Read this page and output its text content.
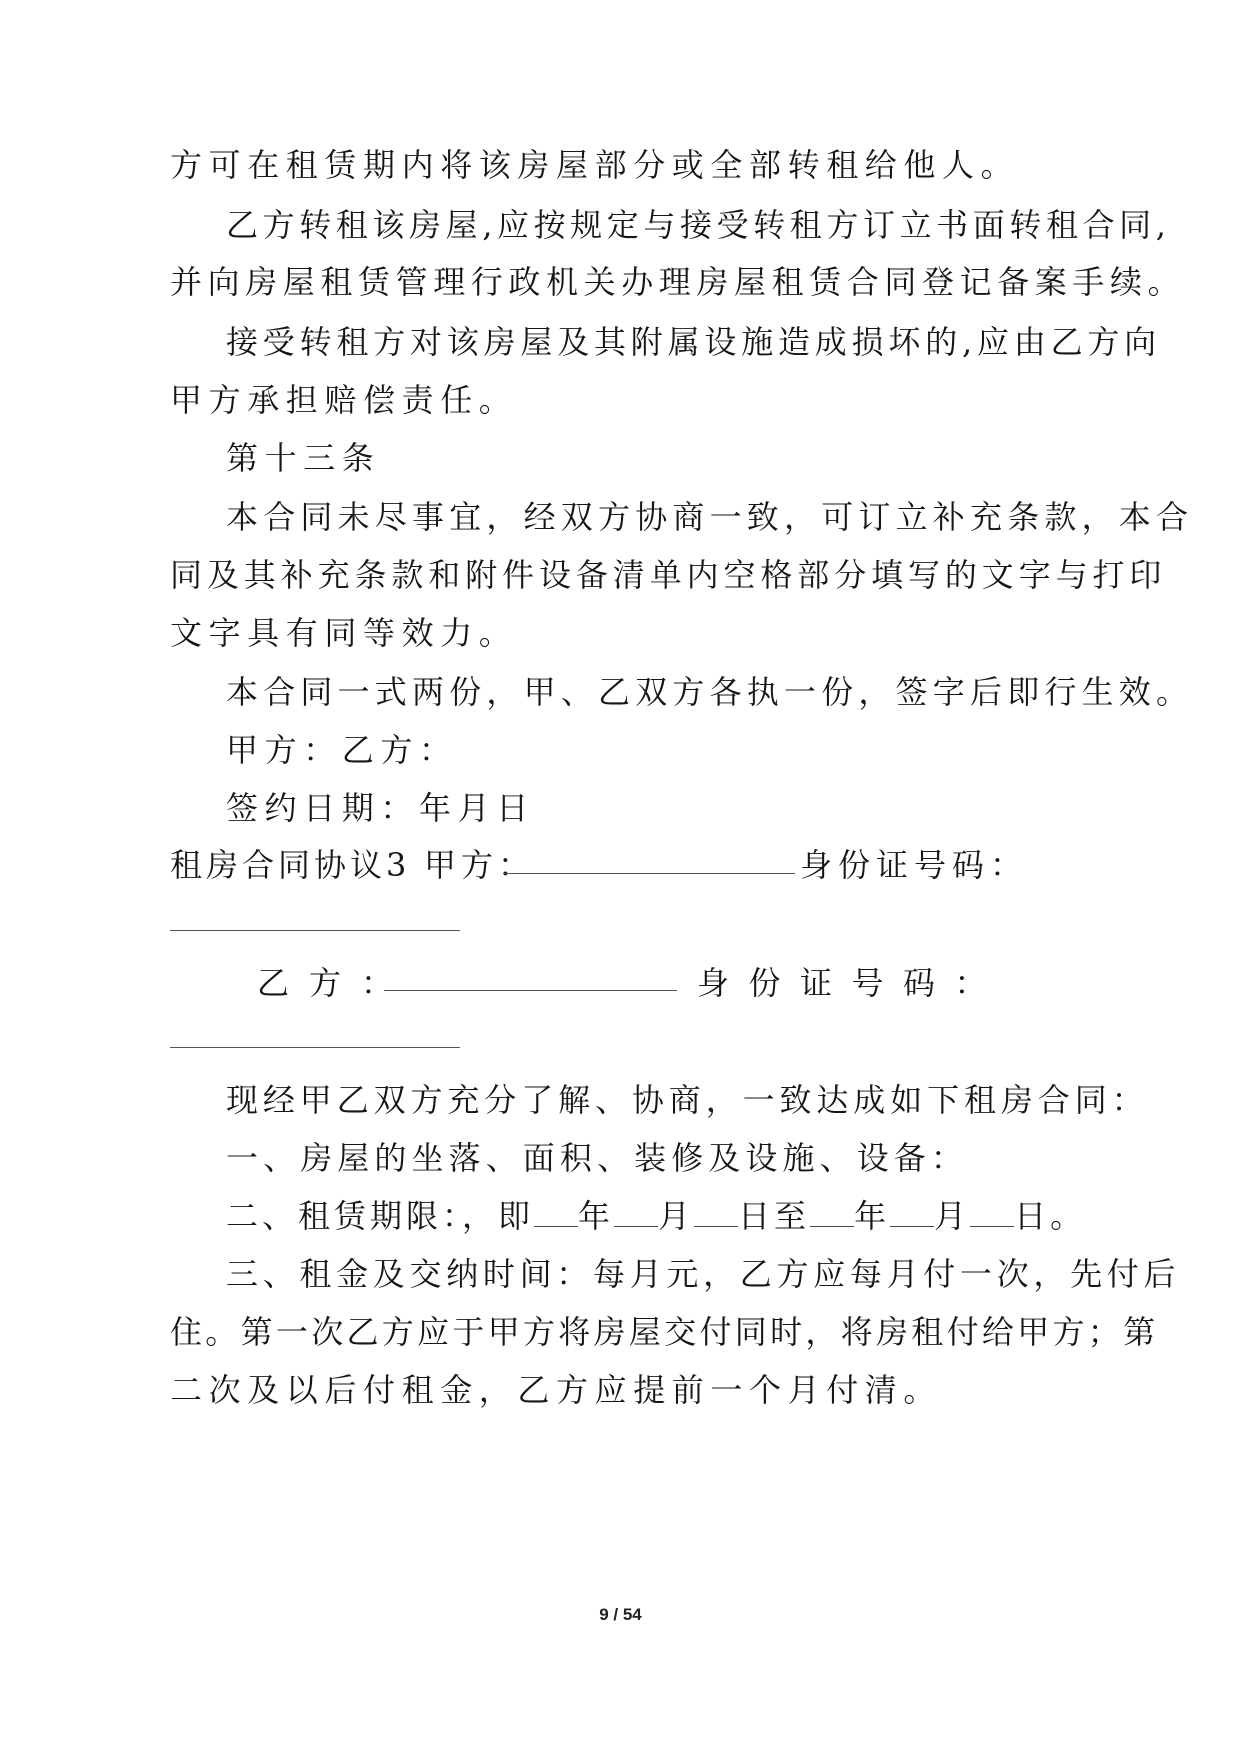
方可在租赁期内将该房屋部分或全部转租给他人。
乙方转租该房屋,应按规定与接受转租方订立书面转租合同,
并向房屋租赁管理行政机关办理房屋租赁合同登记备案手续。
接受转租方对该房屋及其附属设施造成损坏的,应由乙方向
甲方承担赔偿责任。
第十三条
本合同未尽事宜，经双方协商一致，可订立补充条款，本合
同及其补充条款和附件设备清单内空格部分填写的文字与打印
文字具有同等效力。
本合同一式两份，甲、乙双方各执一份，签字后即行生效。
甲方：乙方：
签约日期：年月日
租房合同协议3 甲方：	身份证号码：
乙方：	身份证号码：
现经甲乙双方充分了解、协商，一致达成如下租房合同：
一、房屋的坐落、面积、装修及设施、设备：
二、租赁期限：，即 年 月 日至 年 月 日。
三、租金及交纳时间：每月元，乙方应每月付一次，先付后
住。第一次乙方应于甲方将房屋交付同时，将房租付给甲方；第
二次及以后付租金，乙方应提前一个月付清。
9 / 54
